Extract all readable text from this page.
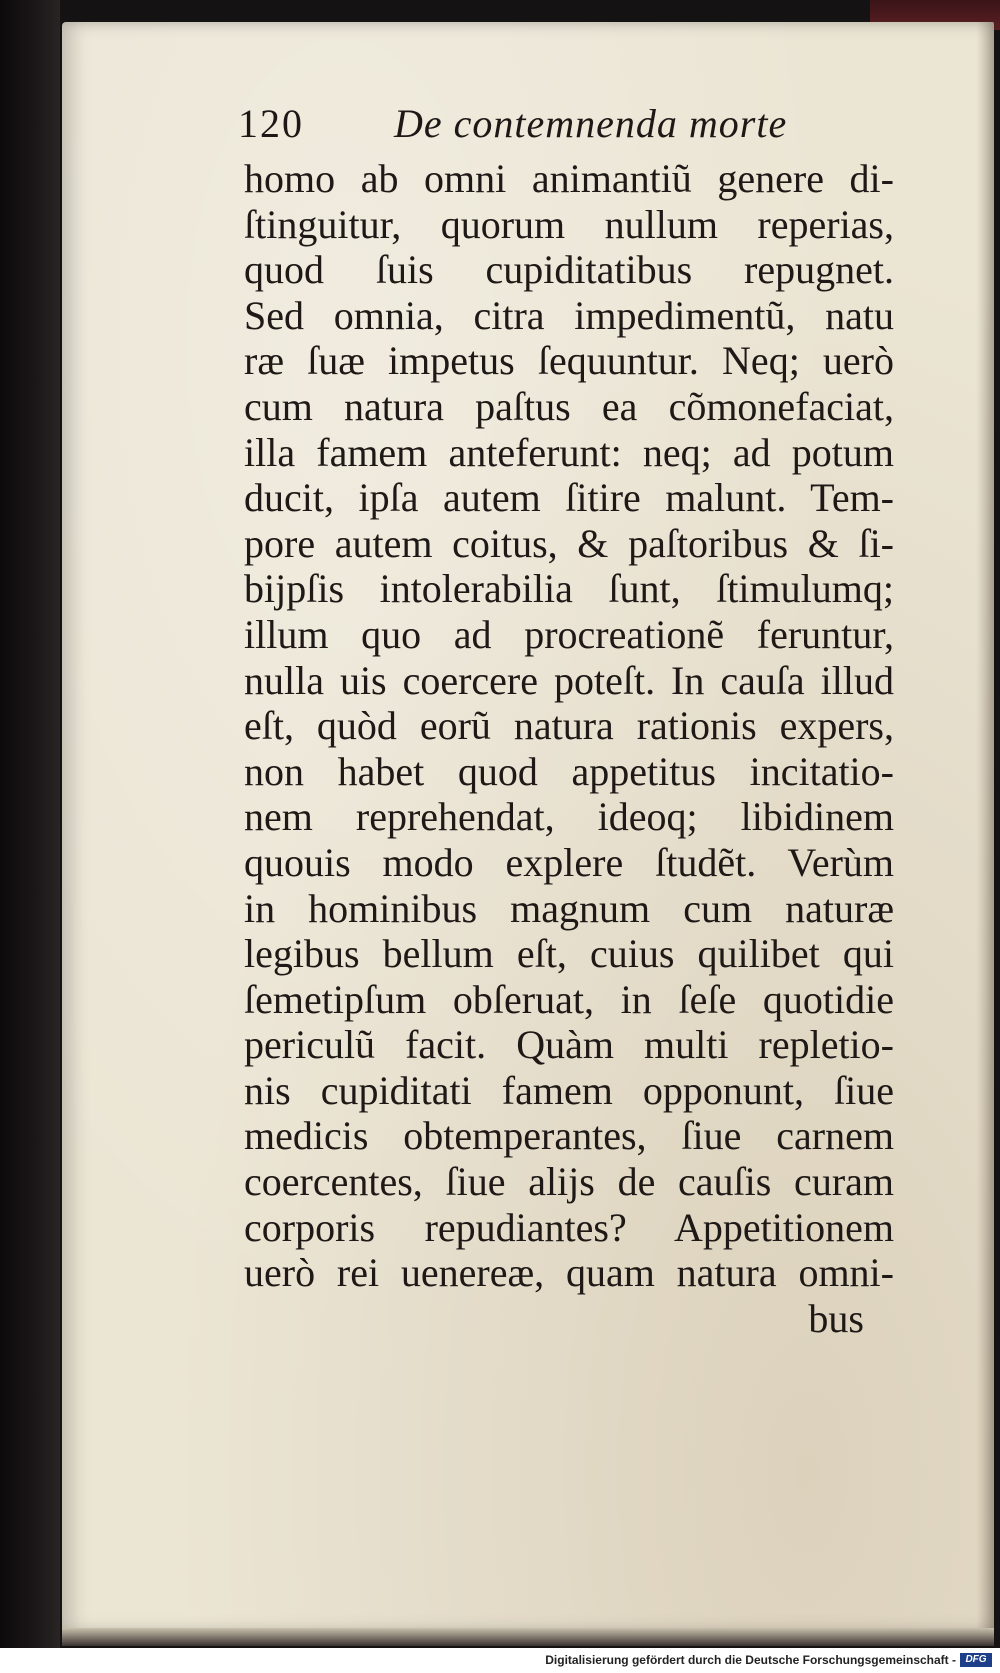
120 De contemnenda morte
homo ab omni animantiũ genere di-
ſtinguitur, quorum nullum reperias,
quod ſuis cupiditatibus repugnet.
Sed omnia, citra impedimentũ, natu
ræ ſuæ impetus ſequuntur. Neq; uerò
cum natura paſtus ea cõmonefaciat,
illa famem anteferunt: neq; ad potum
ducit, ipſa autem ſitire malunt. Tem-
pore autem coitus, & paſtoribus & ſi-
bijpſis intolerabilia ſunt, ſtimulumq;
illum quo ad procreationẽ feruntur,
nulla uis coercere poteſt. In cauſa illud
eſt, quòd eorũ natura rationis expers,
non habet quod appetitus incitatio-
nem reprehendat, ideoq; libidinem
quouis modo explere ſtudẽt. Verùm
in hominibus magnum cum naturæ
legibus bellum eſt, cuius quilibet qui
ſemetipſum obſeruat, in ſeſe quotidie
periculũ facit. Quàm multi repletio-
nis cupiditati famem opponunt, ſiue
medicis obtemperantes, ſiue carnem
coercentes, ſiue alijs de cauſis curam
corporis repudiantes? Appetitionem
uerò rei uenereæ, quam natura omni-
bus
Digitalisierung gefördert durch die Deutsche Forschungsgemeinschaft - DFG
